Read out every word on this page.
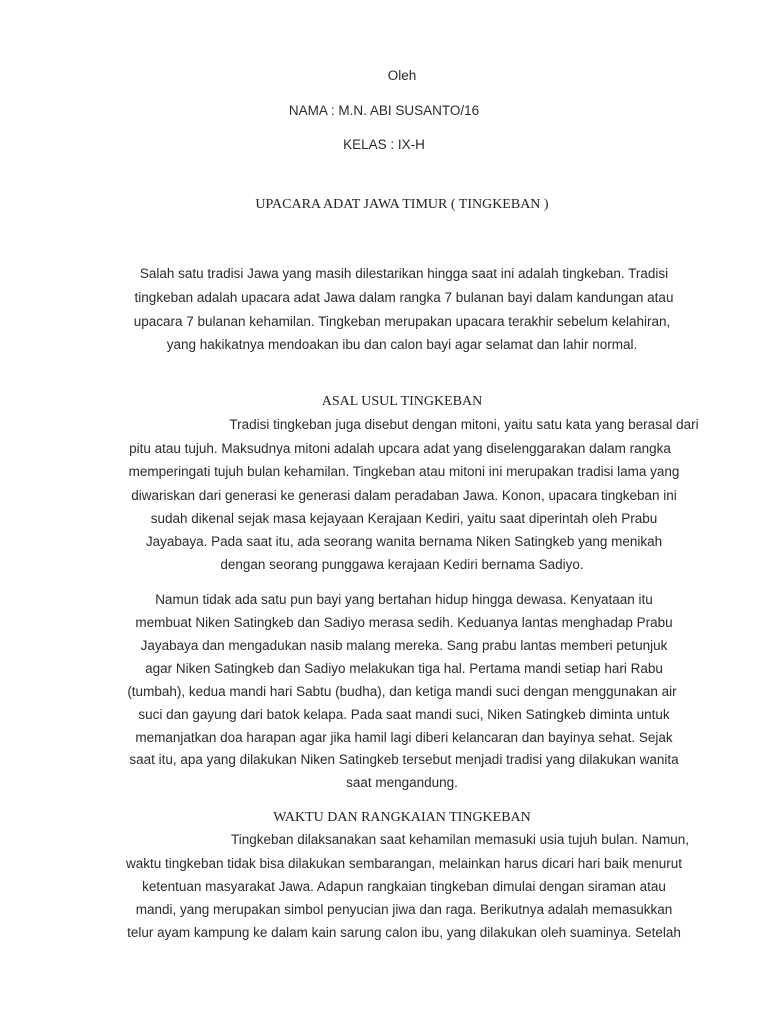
Oleh
NAMA : M.N. ABI SUSANTO/16
KELAS : IX-H
UPACARA ADAT JAWA TIMUR ( TINGKEBAN )
Salah satu tradisi Jawa yang masih dilestarikan hingga saat ini adalah tingkeban. Tradisi
tingkeban adalah upacara adat Jawa dalam rangka 7 bulanan bayi dalam kandungan atau
upacara 7 bulanan kehamilan. Tingkeban merupakan upacara terakhir sebelum kelahiran,
yang hakikatnya mendoakan ibu dan calon bayi agar selamat dan lahir normal.
ASAL USUL TINGKEBAN
Tradisi tingkeban juga disebut dengan mitoni, yaitu satu kata yang berasal dari
pitu atau tujuh. Maksudnya mitoni adalah upcara adat yang diselenggarakan dalam rangka
memperingati tujuh bulan kehamilan. Tingkeban atau mitoni ini merupakan tradisi lama yang
diwariskan dari generasi ke generasi dalam peradaban Jawa. Konon, upacara tingkeban ini
sudah dikenal sejak masa kejayaan Kerajaan Kediri, yaitu saat diperintah oleh Prabu
Jayabaya. Pada saat itu, ada seorang wanita bernama Niken Satingkeb yang menikah
dengan seorang punggawa kerajaan Kediri bernama Sadiyo.
Namun tidak ada satu pun bayi yang bertahan hidup hingga dewasa. Kenyataan itu
membuat Niken Satingkeb dan Sadiyo merasa sedih. Keduanya lantas menghadap Prabu
Jayabaya dan mengadukan nasib malang mereka. Sang prabu lantas memberi petunjuk
agar Niken Satingkeb dan Sadiyo melakukan tiga hal. Pertama mandi setiap hari Rabu
(tumbah), kedua mandi hari Sabtu (budha), dan ketiga mandi suci dengan menggunakan air
suci dan gayung dari batok kelapa. Pada saat mandi suci, Niken Satingkeb diminta untuk
memanjatkan doa harapan agar jika hamil lagi diberi kelancaran dan bayinya sehat. Sejak
saat itu, apa yang dilakukan Niken Satingkeb tersebut menjadi tradisi yang dilakukan wanita
saat mengandung.
WAKTU DAN RANGKAIAN TINGKEBAN
Tingkeban dilaksanakan saat kehamilan memasuki usia tujuh bulan. Namun,
waktu tingkeban tidak bisa dilakukan sembarangan, melainkan harus dicari hari baik menurut
ketentuan masyarakat Jawa. Adapun rangkaian tingkeban dimulai dengan siraman atau
mandi, yang merupakan simbol penyucian jiwa dan raga. Berikutnya adalah memasukkan
telur ayam kampung ke dalam kain sarung calon ibu, yang dilakukan oleh suaminya. Setelah
